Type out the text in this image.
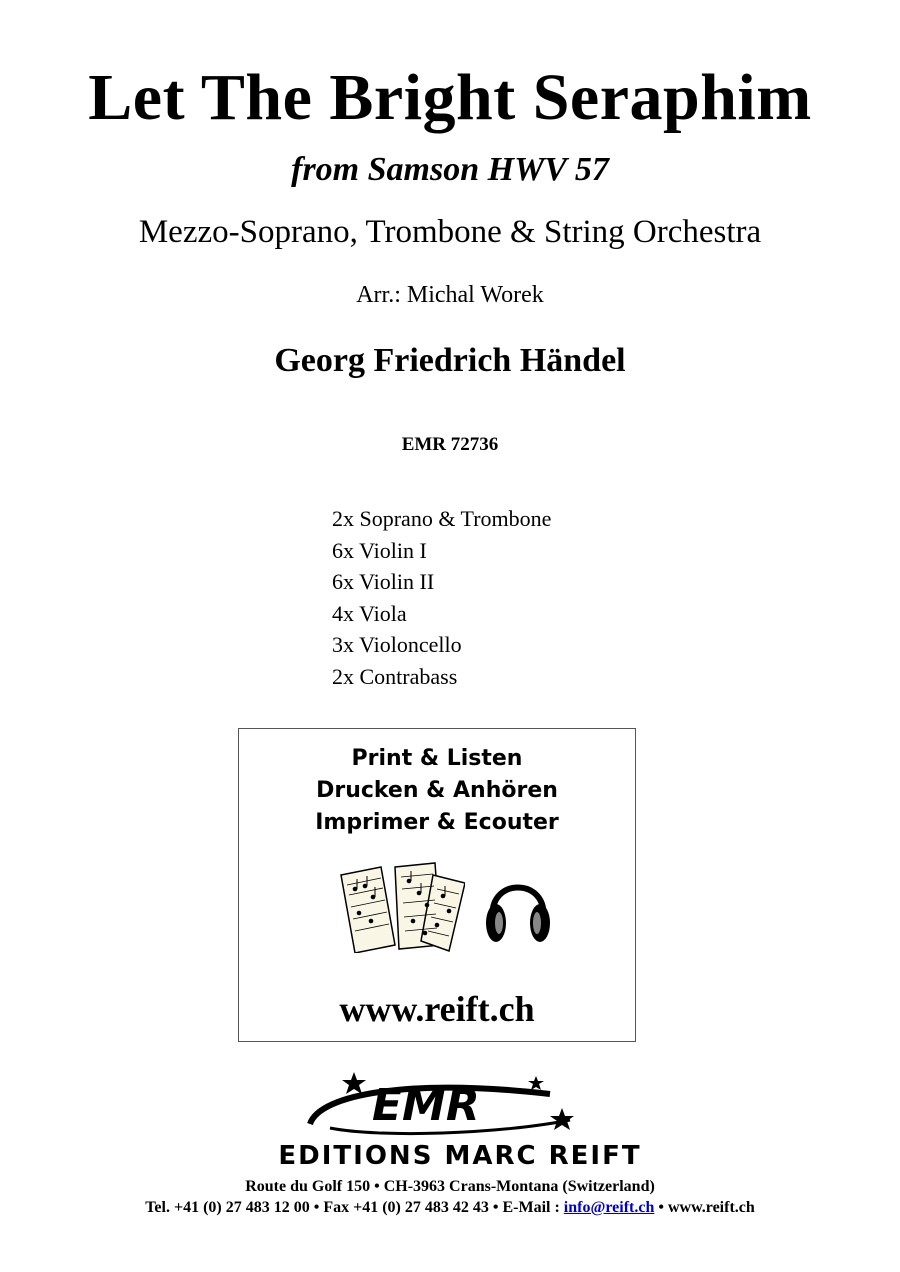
Let The Bright Seraphim
from Samson HWV 57
Mezzo-Soprano, Trombone & String Orchestra
Arr.: Michal Worek
Georg Friedrich Händel
EMR 72736
2x Soprano & Trombone
6x Violin I
6x Violin II
4x Viola
3x Violoncello
2x Contrabass
Print & Listen
Drucken & Anhören
Imprimer & Ecouter
www.reift.ch
EMR
EDITIONS MARC REIFT
Route du Golf 150 • CH-3963 Crans-Montana (Switzerland)
Tel. +41 (0) 27 483 12 00 • Fax +41 (0) 27 483 42 43 • E-Mail : info@reift.ch • www.reift.ch
